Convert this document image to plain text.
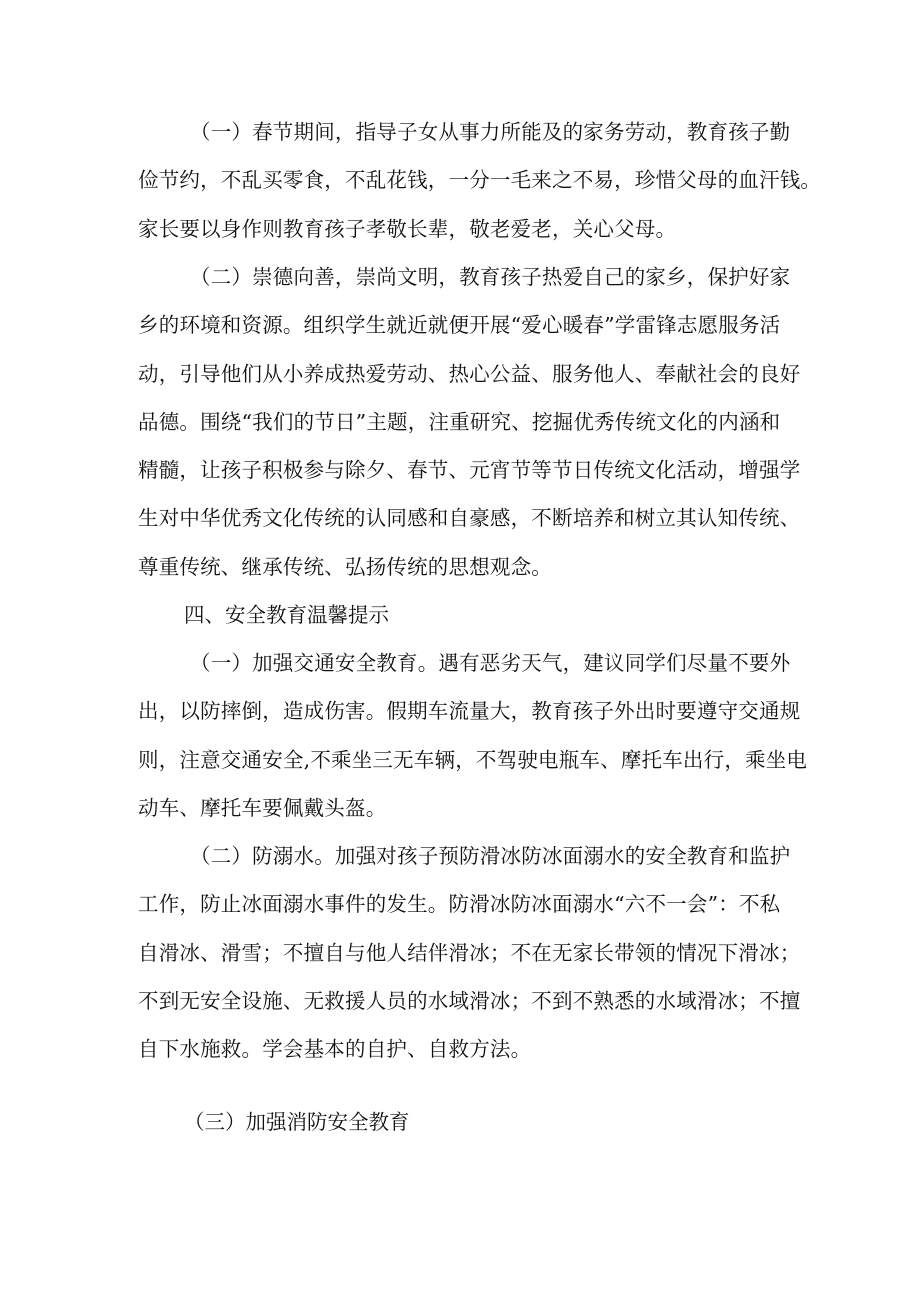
（一）春节期间，指导子女从事力所能及的家务劳动，教育孩子勤
俭节约，不乱买零食，不乱花钱，一分一毛来之不易，珍惜父母的血汗钱。
家长要以身作则教育孩子孝敬长辈，敬老爱老，关心父母。
（二）崇德向善，崇尚文明，教育孩子热爱自己的家乡，保护好家
乡的环境和资源。组织学生就近就便开展“爱心暖春”学雷锋志愿服务活
动，引导他们从小养成热爱劳动、热心公益、服务他人、奉献社会的良好
品德。围绕“我们的节日”主题，注重研究、挖掘优秀传统文化的内涵和
精髓，让孩子积极参与除夕、春节、元宵节等节日传统文化活动，增强学
生对中华优秀文化传统的认同感和自豪感，不断培养和树立其认知传统、
尊重传统、继承传统、弘扬传统的思想观念。
四、安全教育温馨提示
（一）加强交通安全教育。遇有恶劣天气，建议同学们尽量不要外
出，以防摔倒，造成伤害。假期车流量大，教育孩子外出时要遵守交通规
则，注意交通安全,不乘坐三无车辆，不驾驶电瓶车、摩托车出行，乘坐电
动车、摩托车要佩戴头盔。
（二）防溺水。加强对孩子预防滑冰防冰面溺水的安全教育和监护
工作，防止冰面溺水事件的发生。防滑冰防冰面溺水“六不一会”：不私
自滑冰、滑雪；不擅自与他人结伴滑冰；不在无家长带领的情况下滑冰；
不到无安全设施、无救援人员的水域滑冰；不到不熟悉的水域滑冰；不擅
自下水施救。学会基本的自护、自救方法。
（三）加强消防安全教育
